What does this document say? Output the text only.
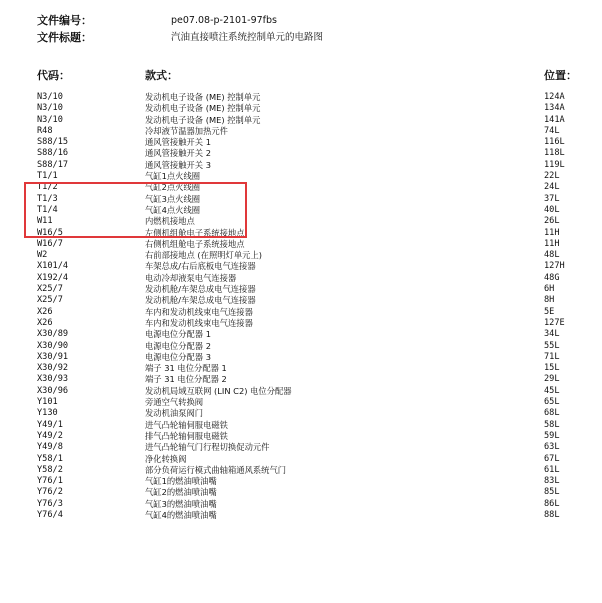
文件编号：	pe07.08-p-2101-97fbs
文件标题：	汽油直接喷注系统控制单元的电路图
代码：	款式：	位置：
N3/10	发动机电子设备 (ME) 控制单元	124A
N3/10	发动机电子设备 (ME) 控制单元	134A
N3/10	发动机电子设备 (ME) 控制单元	141A
R48	冷却液节温器加热元件	74L
S88/15	通风管接触开关 1	116L
S88/16	通风管接触开关 2	118L
S88/17	通风管接触开关 3	119L
T1/1	气缸1点火线圈	22L
T1/2	气缸2点火线圈	24L
T1/3	气缸3点火线圈	37L
T1/4	气缸4点火线圈	40L
W11	内燃机接地点	26L
W16/5	左侧机组舱电子系统接地点	11H
W16/7	右侧机组舱电子系统接地点	11H
W2	右前部接地点 (在照明灯单元上)	48L
X101/4	车架总成/右后底板电气连接器	127H
X192/4	电动冷却液泵电气连接器	48G
X25/7	发动机舱/车架总成电气连接器	6H
X25/7	发动机舱/车架总成电气连接器	8H
X26	车内和发动机线束电气连接器	5E
X26	车内和发动机线束电气连接器	127E
X30/89	电源电位分配器 1	34L
X30/90	电源电位分配器 2	55L
X30/91	电源电位分配器 3	71L
X30/92	端子 31 电位分配器 1	15L
X30/93	端子 31 电位分配器 2	29L
X30/96	发动机局域互联网 (LIN C2) 电位分配器	45L
Y101	旁通空气转换阀	65L
Y130	发动机油泵阀门	68L
Y49/1	进气凸轮轴伺服电磁铁	58L
Y49/2	排气凸轮轴伺服电磁铁	59L
Y49/8	进气凸轮轴气门行程切换促动元件	63L
Y58/1	净化转换阀	67L
Y58/2	部分负荷运行模式曲轴箱通风系统气门	61L
Y76/1	气缸1的燃油喷油嘴	83L
Y76/2	气缸2的燃油喷油嘴	85L
Y76/3	气缸3的燃油喷油嘴	86L
Y76/4	气缸4的燃油喷油嘴	88L
